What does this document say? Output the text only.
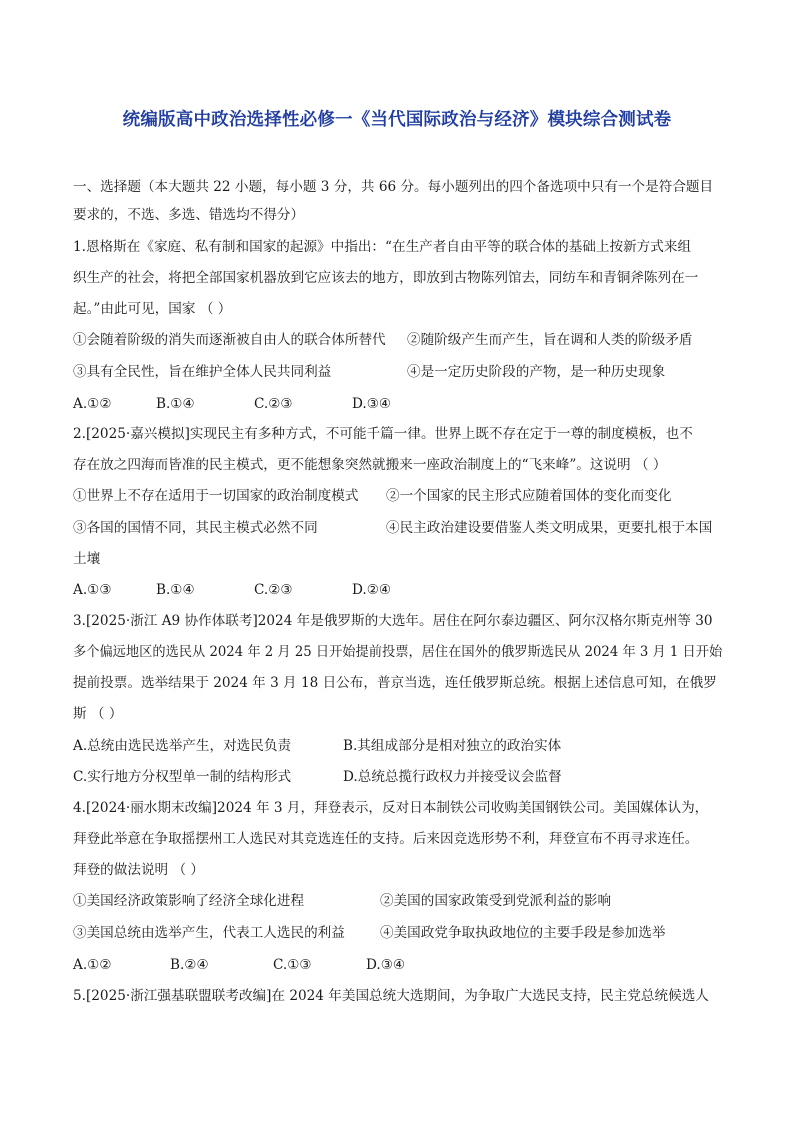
统编版高中政治选择性必修一《当代国际政治与经济》模块综合测试卷
一、选择题（本大题共 22 小题，每小题 3 分，共 66 分。每小题列出的四个备选项中只有一个是符合题目
要求的，不选、多选、错选均不得分）
1.恩格斯在《家庭、私有制和国家的起源》中指出：“在生产者自由平等的联合体的基础上按新方式来组
织生产的社会，将把全部国家机器放到它应该去的地方，即放到古物陈列馆去，同纺车和青铜斧陈列在一
起。”由此可见，国家 （ ）
①会随着阶级的消失而逐渐被自由人的联合体所替代 ②随阶级产生而产生，旨在调和人类的阶级矛盾
③具有全民性，旨在维护全体人民共同利益	④是一定历史阶段的产物，是一种历史现象
A.①②	B.①④	C.②③	D.③④
2.[2025·嘉兴模拟]实现民主有多种方式，不可能千篇一律。世界上既不存在定于一尊的制度模板，也不
存在放之四海而皆准的民主模式，更不能想象突然就搬来一座政治制度上的“飞来峰”。这说明 （ ）
①世界上不存在适用于一切国家的政治制度模式 ②一个国家的民主形式应随着国体的变化而变化
③各国的国情不同，其民主模式必然不同	④民主政治建设要借鉴人类文明成果，更要扎根于本国
土壤
A.①③	B.①④	C.②③	D.②④
3.[2025·浙江 A9 协作体联考]2024 年是俄罗斯的大选年。居住在阿尔泰边疆区、阿尔汉格尔斯克州等 30
多个偏远地区的选民从 2024 年 2 月 25 日开始提前投票，居住在国外的俄罗斯选民从 2024 年 3 月 1 日开始
提前投票。选举结果于 2024 年 3 月 18 日公布，普京当选，连任俄罗斯总统。根据上述信息可知，在俄罗
斯 （ ）
A.总统由选民选举产生，对选民负责	B.其组成部分是相对独立的政治实体
C.实行地方分权型单一制的结构形式	D.总统总揽行政权力并接受议会监督
4.[2024·丽水期末改编]2024 年 3 月，拜登表示，反对日本制铁公司收购美国钢铁公司。美国媒体认为，
拜登此举意在争取摇摆州工人选民对其竞选连任的支持。后来因竞选形势不利，拜登宣布不再寻求连任。
拜登的做法说明 （ ）
①美国经济政策影响了经济全球化进程	②美国的国家政策受到党派利益的影响
③美国总统由选举产生，代表工人选民的利益	④美国政党争取执政地位的主要手段是参加选举
A.①②	B.②④	C.①③	D.③④
5.[2025·浙江强基联盟联考改编]在 2024 年美国总统大选期间，为争取广大选民支持，民主党总统候选人
